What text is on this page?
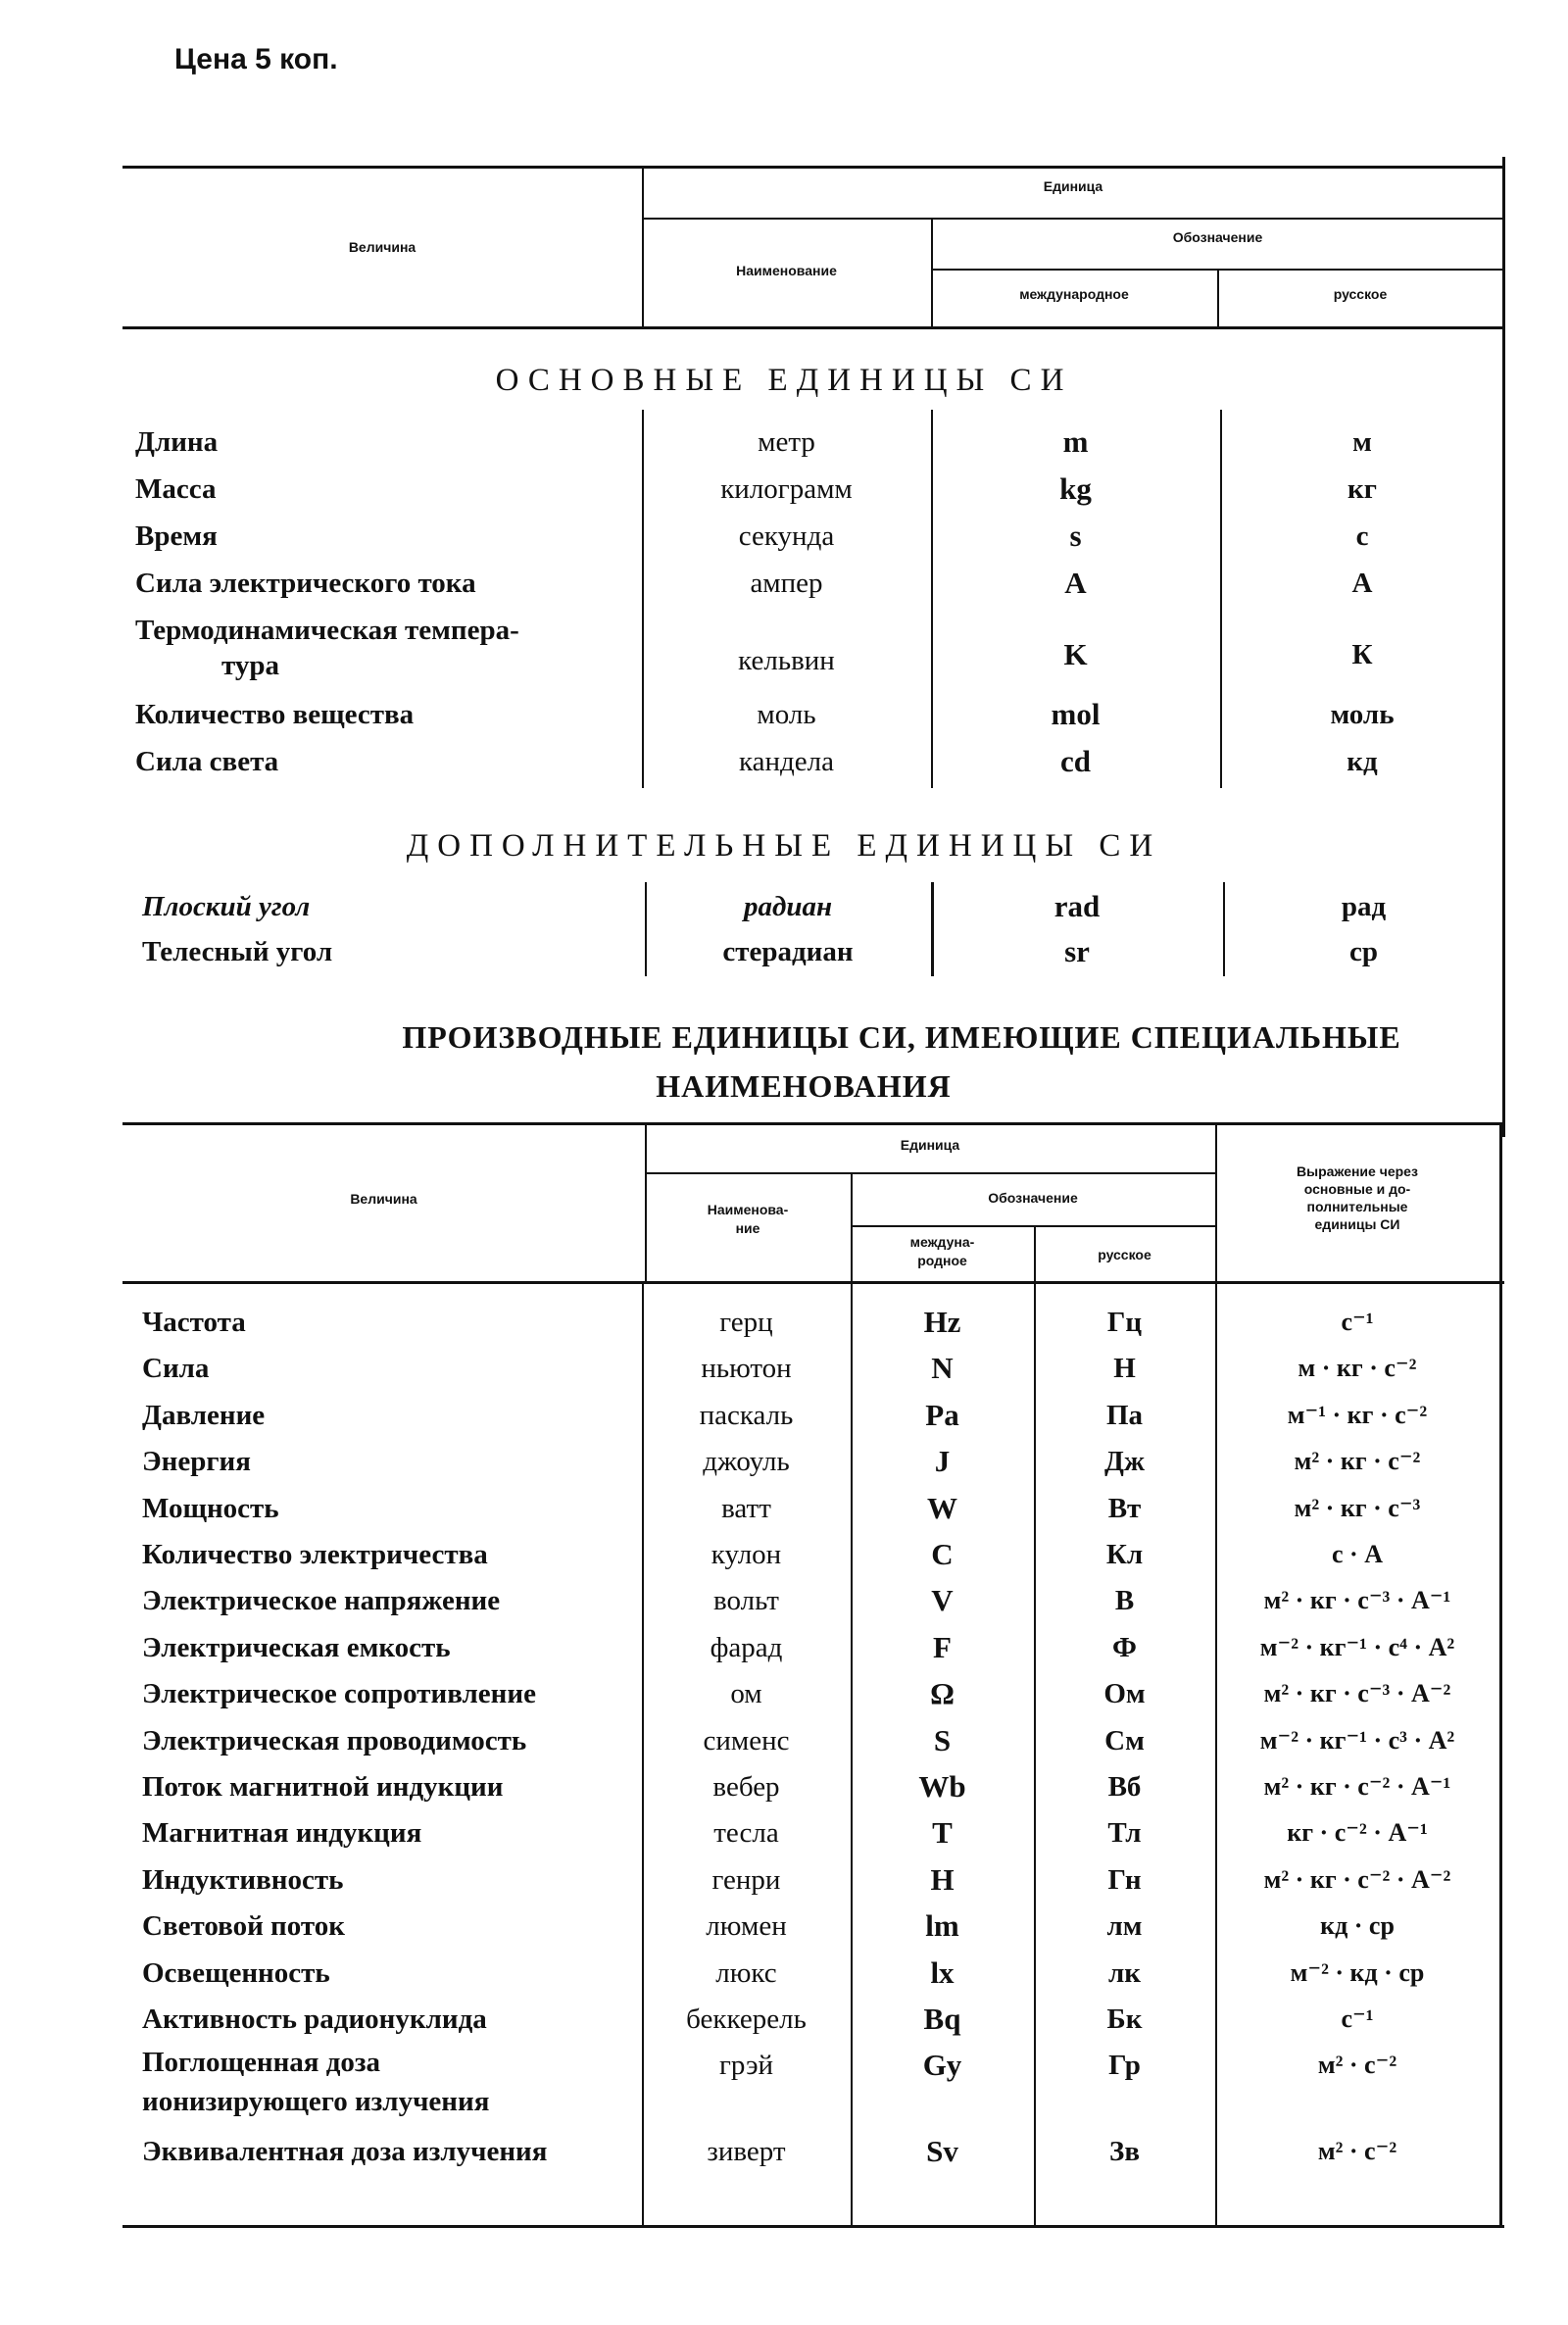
Цена 5 коп.
Величина
Единица
Наименование
Обозначение
международное	русское
ОСНОВНЫЕ ЕДИНИЦЫ СИ
Длина	метр	m	м
Масса	килограмм	kg	кг
Время	секунда	s	с
Сила электрического тока	ампер	A	А
Термодинамическая темпера-
тура	кельвин	K	К
Количество вещества	моль	mol	моль
Сила света	кандела	cd	кд
ДОПОЛНИТЕЛЬНЫЕ ЕДИНИЦЫ СИ
Плоский угол	радиан	rad	рад
Телесный угол	стерадиан	sr	ср
ПРОИЗВОДНЫЕ ЕДИНИЦЫ СИ, ИМЕЮЩИЕ СПЕЦИАЛЬНЫЕ
НАИМЕНОВАНИЯ
Величина
Единица
Наименова-
ние
Обозначение
междуна-
родное	русское
Выражение через
основные и до-
полнительные
единицы СИ
Частота	герц	Hz	Гц	с⁻¹
Сила	ньютон	N	Н	м · кг · с⁻²
Давление	паскаль	Pa	Па	м⁻¹ · кг · с⁻²
Энергия	джоуль	J	Дж	м² · кг · с⁻²
Мощность	ватт	W	Вт	м² · кг · с⁻³
Количество электричества	кулон	C	Кл	с · А
Электрическое напряжение	вольт	V	В	м² · кг · с⁻³ · А⁻¹
Электрическая емкость	фарад	F	Ф	м⁻² · кг⁻¹ · с⁴ · А²
Электрическое сопротивление	ом	Ω	Ом	м² · кг · с⁻³ · А⁻²
Электрическая проводимость	сименс	S	См	м⁻² · кг⁻¹ · с³ · А²
Поток магнитной индукции	вебер	Wb	Вб	м² · кг · с⁻² · А⁻¹
Магнитная индукция	тесла	T	Тл	кг · с⁻² · А⁻¹
Индуктивность	генри	H	Гн	м² · кг · с⁻² · А⁻²
Световой поток	люмен	lm	лм	кд · ср
Освещенность	люкс	lx	лк	м⁻² · кд · ср
Активность радионуклида	беккерель	Bq	Бк	с⁻¹
Поглощенная доза
ионизирующего излучения
грэй	Gy	Гр	м² · с⁻²
Эквивалентная доза излучения	зиверт	Sv	Зв	м² · с⁻²
